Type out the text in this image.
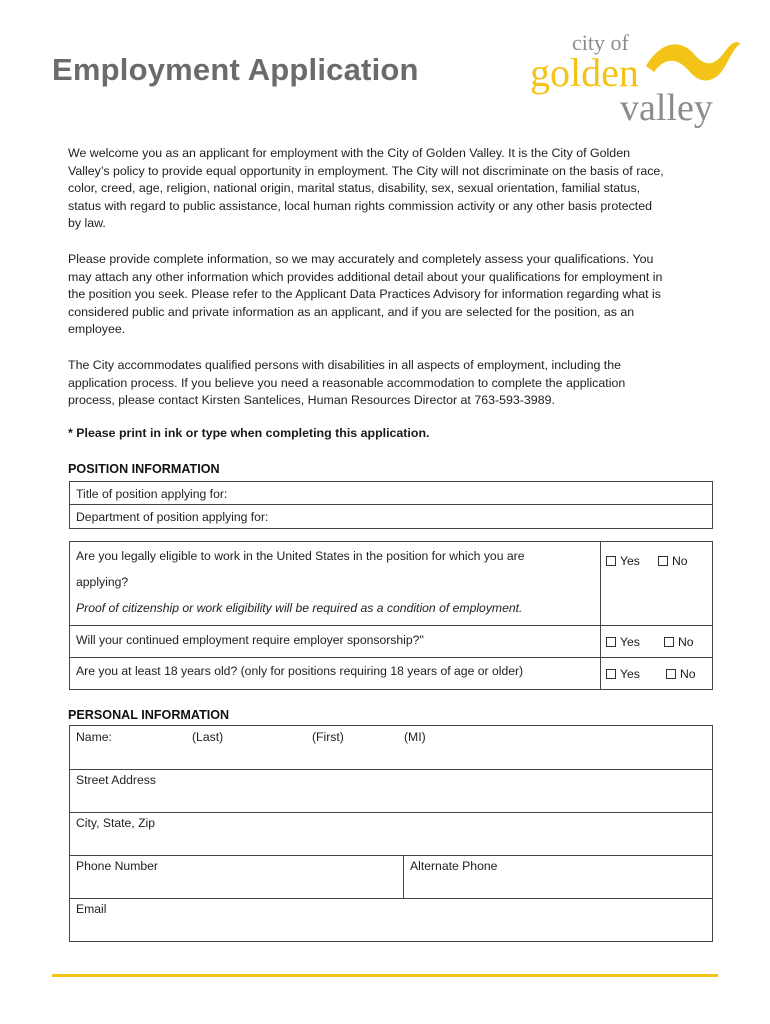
Employment Application
city of
golden
valley

We welcome you as an applicant for employment with the City of Golden Valley. It is the City of Golden Valley’s policy to provide equal opportunity in employment. The City will not discriminate on the basis of race, color, creed, age, religion, national origin, marital status, disability, sex, sexual orientation, familial status, status with regard to public assistance, local human rights commission activity or any other basis protected by law.

Please provide complete information, so we may accurately and completely assess your qualifications. You may attach any other information which provides additional detail about your qualifications for employment in the position you seek. Please refer to the Applicant Data Practices Advisory for information regarding what is considered public and private information as an applicant, and if you are selected for the position, as an employee.

The City accommodates qualified persons with disabilities in all aspects of employment, including the application process. If you believe you need a reasonable accommodation to complete the application process, please contact Kirsten Santelices, Human Resources Director at 763-593-3989.

* Please print in ink or type when completing this application.

POSITION INFORMATION
Title of position applying for:
Department of position applying for:
Are you legally eligible to work in the United States in the position for which you are
applying?
Proof of citizenship or work eligibility will be required as a condition of employment.
Yes	No
Will your continued employment require employer sponsorship?"	Yes	No
Are you at least 18 years old? (only for positions requiring 18 years of age or older)	Yes	No
PERSONAL INFORMATION
Name:	(Last)	(First)	(MI)
Street Address
City, State, Zip
Phone Number	Alternate Phone
Email
